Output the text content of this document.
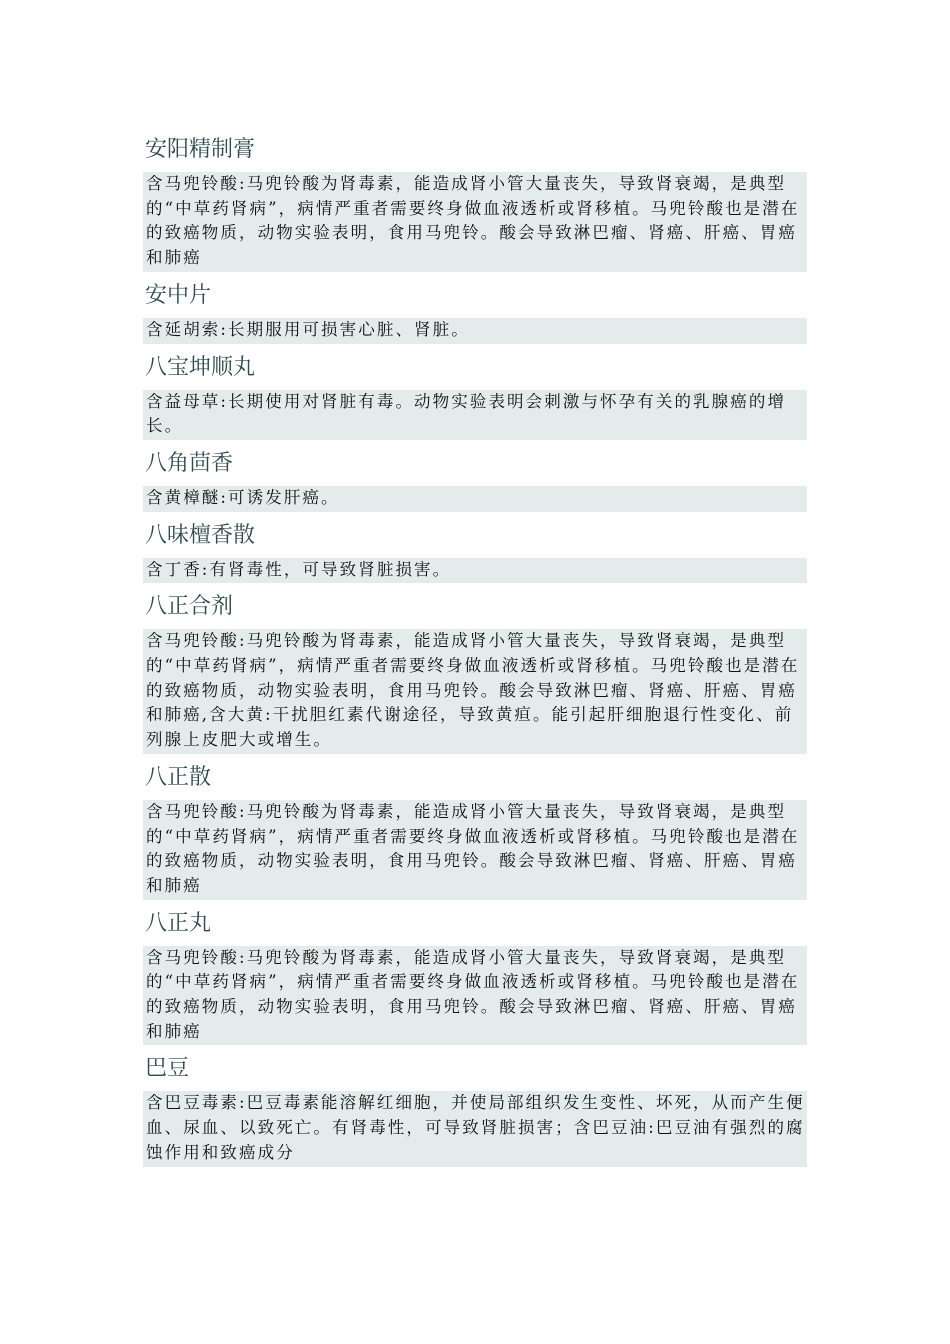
安阳精制膏
含马兜铃酸:马兜铃酸为肾毒素，能造成肾小管大量丧失，导致肾衰竭，是典型的“中草药肾病”，病情严重者需要终身做血液透析或肾移植。马兜铃酸也是潜在的致癌物质，动物实验表明，食用马兜铃。酸会导致淋巴瘤、肾癌、肝癌、胃癌和肺癌
安中片
含延胡索:长期服用可损害心脏、肾脏。
八宝坤顺丸
含益母草:长期使用对肾脏有毒。动物实验表明会刺激与怀孕有关的乳腺癌的增长。
八角茴香
含黄樟醚:可诱发肝癌。
八味檀香散
含丁香:有肾毒性，可导致肾脏损害。
八正合剂
含马兜铃酸:马兜铃酸为肾毒素，能造成肾小管大量丧失，导致肾衰竭，是典型的“中草药肾病”，病情严重者需要终身做血液透析或肾移植。马兜铃酸也是潜在的致癌物质，动物实验表明，食用马兜铃。酸会导致淋巴瘤、肾癌、肝癌、胃癌和肺癌,含大黄:干扰胆红素代谢途径，导致黄疸。能引起肝细胞退行性变化、前列腺上皮肥大或增生。
八正散
含马兜铃酸:马兜铃酸为肾毒素，能造成肾小管大量丧失，导致肾衰竭，是典型的“中草药肾病”，病情严重者需要终身做血液透析或肾移植。马兜铃酸也是潜在的致癌物质，动物实验表明，食用马兜铃。酸会导致淋巴瘤、肾癌、肝癌、胃癌和肺癌
八正丸
含马兜铃酸:马兜铃酸为肾毒素，能造成肾小管大量丧失，导致肾衰竭，是典型的“中草药肾病”，病情严重者需要终身做血液透析或肾移植。马兜铃酸也是潜在的致癌物质，动物实验表明，食用马兜铃。酸会导致淋巴瘤、肾癌、肝癌、胃癌和肺癌
巴豆
含巴豆毒素:巴豆毒素能溶解红细胞，并使局部组织发生变性、坏死，从而产生便血、尿血、以致死亡。有肾毒性，可导致肾脏损害；含巴豆油:巴豆油有强烈的腐蚀作用和致癌成分
